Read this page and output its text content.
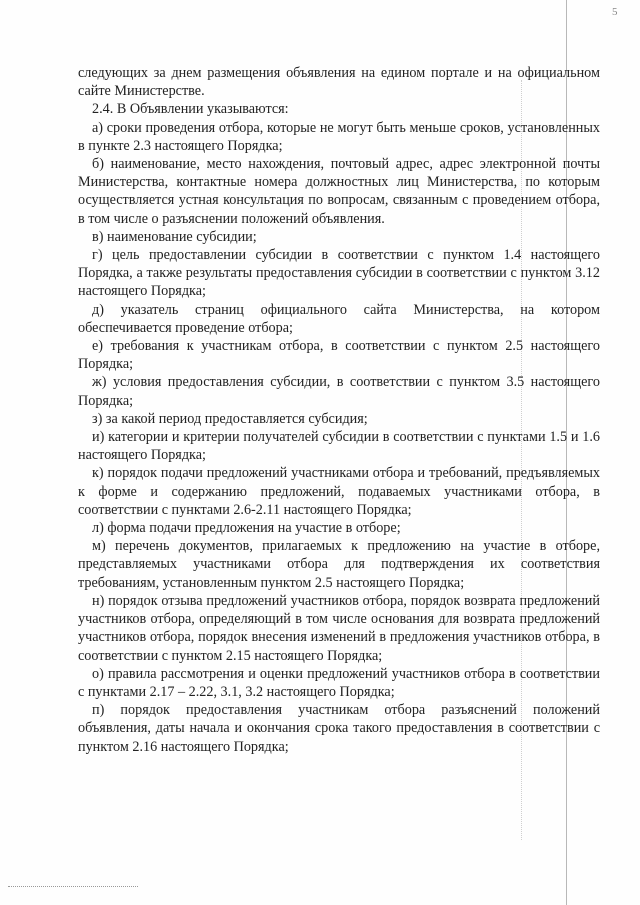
5

следующих за днем размещения объявления на едином портале и на официальном сайте Министерстве.

2.4. В Объявлении указываются:

а) сроки проведения отбора, которые не могут быть меньше сроков, установленных в пункте 2.3 настоящего Порядка;

б) наименование, место нахождения, почтовый адрес, адрес электронной почты Министерства, контактные номера должностных лиц Министерства, по которым осуществляется устная консультация по вопросам, связанным с проведением отбора, в том числе о разъяснении положений объявления.

в) наименование субсидии;

г) цель предоставлении субсидии в соответствии с пунктом 1.4 настоящего Порядка, а также результаты предоставления субсидии в соответствии с пунктом 3.12 настоящего Порядка;

д) указатель страниц официального сайта Министерства, на котором обеспечивается проведение отбора;

е) требования к участникам отбора, в соответствии с пунктом 2.5 настоящего Порядка;

ж) условия предоставления субсидии, в соответствии с пунктом 3.5 настоящего Порядка;

з) за какой период предоставляется субсидия;

и) категории и критерии получателей субсидии в соответствии с пунктами 1.5 и 1.6 настоящего Порядка;

к) порядок подачи предложений участниками отбора и требований, предъявляемых к форме и содержанию предложений, подаваемых участниками отбора, в соответствии с пунктами 2.6-2.11 настоящего Порядка;

л) форма подачи предложения на участие в отборе;

м) перечень документов, прилагаемых к предложению на участие в отборе, представляемых участниками отбора для подтверждения их соответствия требованиям, установленным пунктом 2.5 настоящего Порядка;

н) порядок отзыва предложений участников отбора, порядок возврата предложений участников отбора, определяющий в том числе основания для возврата предложений участников отбора, порядок внесения изменений в предложения участников отбора, в соответствии с пунктом 2.15 настоящего Порядка;

о) правила рассмотрения и оценки предложений участников отбора в соответствии с пунктами 2.17 – 2.22, 3.1, 3.2 настоящего Порядка;

п) порядок предоставления участникам отбора разъяснений положений объявления, даты начала и окончания срока такого предоставления в соответствии с пунктом 2.16 настоящего Порядка;
